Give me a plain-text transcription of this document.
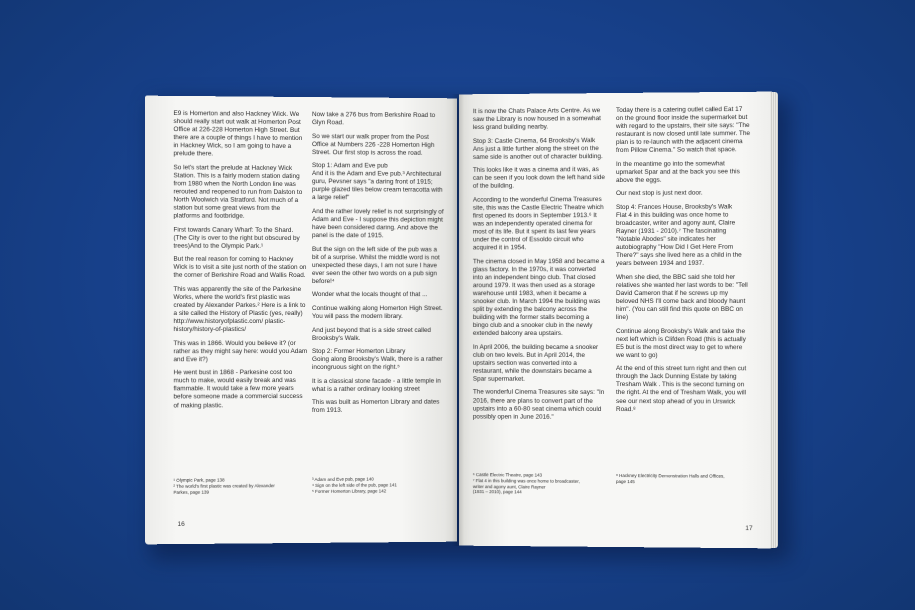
E9 is Homerton and also Hackney Wick. We should really start out walk at Homerton Post Office at 226-228 Homerton High Street. But there are a couple of things I have to mention in Hackney Wick, so I am going to have a prelude there.

So let's start the prelude at Hackney Wick Station. This is a fairly modern station dating from 1980 when the North London line was rerouted and reopened to run from Dalston to North Woolwich via Stratford. Not much of a station but some great views from the platforms and footbridge.

First towards Canary Wharf: To the Shard. (The City is over to the right but obscured by trees)And to the Olympic Park.¹

But the real reason for coming to Hackney Wick is to visit a site just north of the station on the corner of Berkshire Road and Wallis Road.

This was apparently the site of the Parkesine Works, where the world's first plastic was created by Alexander Parkes.² Here is a link to a site called the History of Plastic (yes, really) http://www.historyofplastic.com/ plastic-history/history-of-plastics/

This was in 1866. Would you believe it? (or rather as they might say here: would you Adam and Eve it?)

He went bust in 1868 - Parkesine cost too much to make, would easily break and was flammable. It would take a few more years before someone made a commercial success of making plastic.

Now take a 276 bus from Berkshire Road to Glyn Road.

So we start our walk proper from the Post Office at Numbers 226 -228 Homerton High Street. Our first stop is across the road.

Stop 1: Adam and Eve pub
And it is the Adam and Eve pub.³ Architectural guru, Pevsner says "a daring front of 1915; purple glazed tiles below cream terracotta with a large relief"

And the rather lovely relief is not surprisingly of Adam and Eve - I suppose this depiction might have been considered daring. And above the panel is the date of 1915.

But the sign on the left side of the pub was a bit of a surprise. Whilst the middle word is not unexpected these days, I am not sure I have ever seen the other two words on a pub sign before!⁴

Wonder what the locals thought of that ...

Continue walking along Homerton High Street. You will pass the modern library.

And just beyond that is a side street called Brooksby's Walk.

Stop 2: Former Homerton Library
Going along Brooksby's Walk, there is a rather incongruous sight on the right.⁵

It is a classical stone facade - a little temple in what is a rather ordinary looking street

This was built as Homerton Library and dates from 1913.

¹ Olympic Park, page 138

² The world's first plastic was created by Alexander
Parkes, page 139

³ Adam and Eve pub, page 140

⁴ Sign on the left side of the pub, page 141

⁵ Former Homerton Library, page 142

16

It is now the Chats Palace Arts Centre. As we saw the Library is now housed in a somewhat less grand building nearby.

Stop 3: Castle Cinema, 64 Brooksby's Walk
Ans just a little further along the street on the same side is another out of character building.

This looks like it was a cinema and it was, as can be seen if you look down the left hand side of the building.

According to the wonderful Cinema Treasures site, this was the Castle Electric Theatre which first opened its doors in September 1913.⁶ It was an independently operated cinema for most of its life. But it spent its last few years under the control of Essoldo circuit who acquired it in 1954.

The cinema closed in May 1958 and became a glass factory. In the 1970s, it was converted into an independent bingo club. That closed around 1979. It was then used as a storage warehouse until 1983, when it became a snooker club. In March 1994 the building was split by extending the balcony across the building with the former stalls becoming a bingo club and a snooker club in the newly extended balcony area upstairs.

In April 2006, the building became a snooker club on two levels. But in April 2014, the upstairs section was converted into a restaurant, while the downstairs became a Spar supermarket.

The wonderful Cinema Treasures site says: "In 2016, there are plans to convert part of the upstairs into a 60-80 seat cinema which could possibly open in June 2016."

Today there is a catering outlet called Eat 17 on the ground floor inside the supermarket but with regard to the upstairs, their site says: "The restaurant is now closed until late summer. The plan is to re-launch with the adjacent cinema from Pillow Cinema." So watch that space.

In the meantime go into the somewhat upmarket Spar and at the back you see this above the eggs.

Our next stop is just next door.

Stop 4: Frances House, Brooksby's Walk
Flat 4 in this building was once home to broadcaster, writer and agony aunt, Claire Rayner (1931 - 2010).⁷ The fascinating "Notable Abodes" site indicates her autobiography "How Did I Get Here From There?" says she lived here as a child in the years between 1934 and 1937.

When she died, the BBC said she told her relatives she wanted her last words to be: "Tell David Cameron that if he screws up my beloved NHS I'll come back and bloody haunt him". (You can still find this quote on BBC on line)

Continue along Brooksby's Walk and take the next left which is Clifden Road (this is actually E5 but is the most direct way to get to where we want to go)

At the end of this street turn right and then cut through the Jack Dunning Estate by taking Tresham Walk . This is the second turning on the right. At the end of Tresham Walk, you will see our next stop ahead of you in Urswick Road.⁸

⁶ Castle Electric Theatre, page 143

⁷ Flat 4 in this building was once home to broadcaster,
writer and agony aunt, Claire Rayner
(1931 – 2010), page 144

⁸ Hackney Electricity Demonstration Halls and Offices,
page 145

17
